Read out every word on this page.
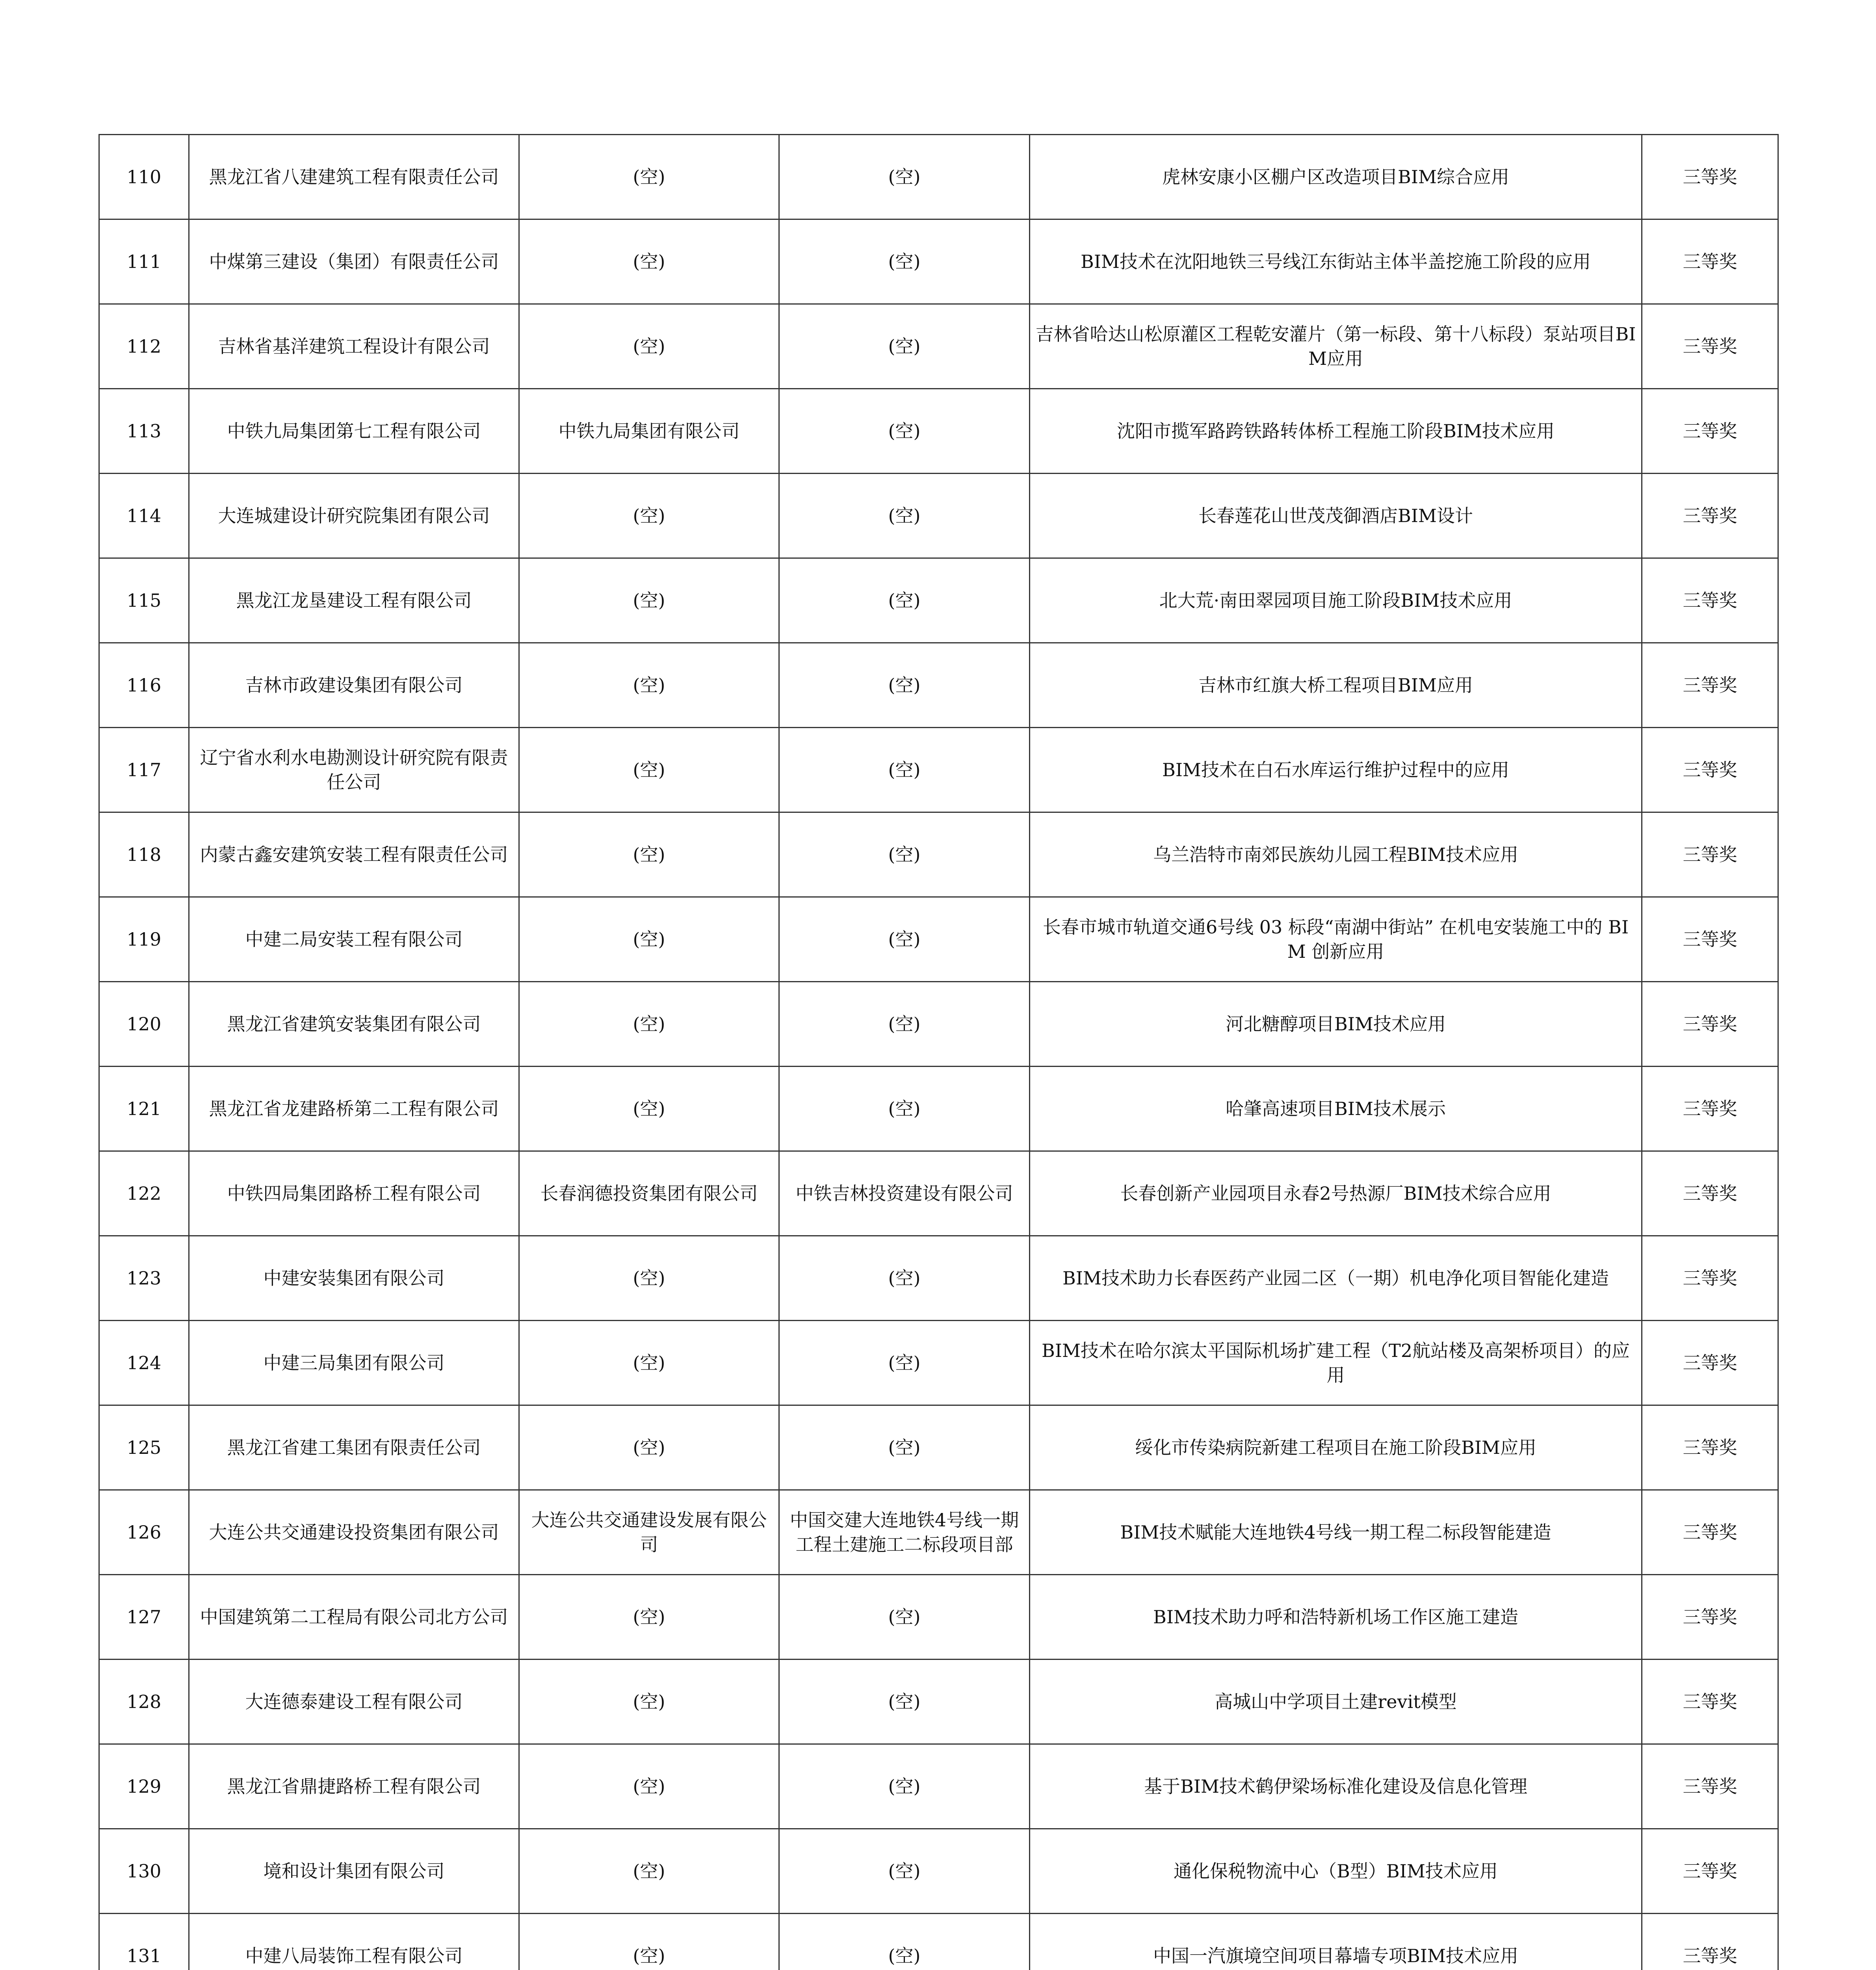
110	黑龙江省八建建筑工程有限责任公司	(空)	(空)	虎林安康小区棚户区改造项目BIM综合应用	三等奖
111	中煤第三建设（集团）有限责任公司	(空)	(空)	BIM技术在沈阳地铁三号线江东街站主体半盖挖施工阶段的应用	三等奖
112	吉林省基洋建筑工程设计有限公司	(空)	(空)	吉林省哈达山松原灌区工程乾安灌片（第一标段、第十八标段）泵站项目BIM应用	三等奖
113	中铁九局集团第七工程有限公司	中铁九局集团有限公司	(空)	沈阳市揽军路跨铁路转体桥工程施工阶段BIM技术应用	三等奖
114	大连城建设计研究院集团有限公司	(空)	(空)	长春莲花山世茂茂御酒店BIM设计	三等奖
115	黑龙江龙垦建设工程有限公司	(空)	(空)	北大荒·南田翠园项目施工阶段BIM技术应用	三等奖
116	吉林市政建设集团有限公司	(空)	(空)	吉林市红旗大桥工程项目BIM应用	三等奖
117	辽宁省水利水电勘测设计研究院有限责任公司	(空)	(空)	BIM技术在白石水库运行维护过程中的应用	三等奖
118	内蒙古鑫安建筑安装工程有限责任公司	(空)	(空)	乌兰浩特市南郊民族幼儿园工程BIM技术应用	三等奖
119	中建二局安装工程有限公司	(空)	(空)	长春市城市轨道交通6号线 03 标段“南湖中街站” 在机电安装施工中的 BIM 创新应用	三等奖
120	黑龙江省建筑安装集团有限公司	(空)	(空)	河北糖醇项目BIM技术应用	三等奖
121	黑龙江省龙建路桥第二工程有限公司	(空)	(空)	哈肇高速项目BIM技术展示	三等奖
122	中铁四局集团路桥工程有限公司	长春润德投资集团有限公司	中铁吉林投资建设有限公司	长春创新产业园项目永春2号热源厂BIM技术综合应用	三等奖
123	中建安装集团有限公司	(空)	(空)	BIM技术助力长春医药产业园二区（一期）机电净化项目智能化建造	三等奖
124	中建三局集团有限公司	(空)	(空)	BIM技术在哈尔滨太平国际机场扩建工程（T2航站楼及高架桥项目）的应用	三等奖
125	黑龙江省建工集团有限责任公司	(空)	(空)	绥化市传染病院新建工程项目在施工阶段BIM应用	三等奖
126	大连公共交通建设投资集团有限公司	大连公共交通建设发展有限公司	中国交建大连地铁4号线一期工程土建施工二标段项目部	BIM技术赋能大连地铁4号线一期工程二标段智能建造	三等奖
127	中国建筑第二工程局有限公司北方公司	(空)	(空)	BIM技术助力呼和浩特新机场工作区施工建造	三等奖
128	大连德泰建设工程有限公司	(空)	(空)	高城山中学项目土建revit模型	三等奖
129	黑龙江省鼎捷路桥工程有限公司	(空)	(空)	基于BIM技术鹤伊梁场标准化建设及信息化管理	三等奖
130	境和设计集团有限公司	(空)	(空)	通化保税物流中心（B型）BIM技术应用	三等奖
131	中建八局装饰工程有限公司	(空)	(空)	中国一汽旗境空间项目幕墙专项BIM技术应用	三等奖
